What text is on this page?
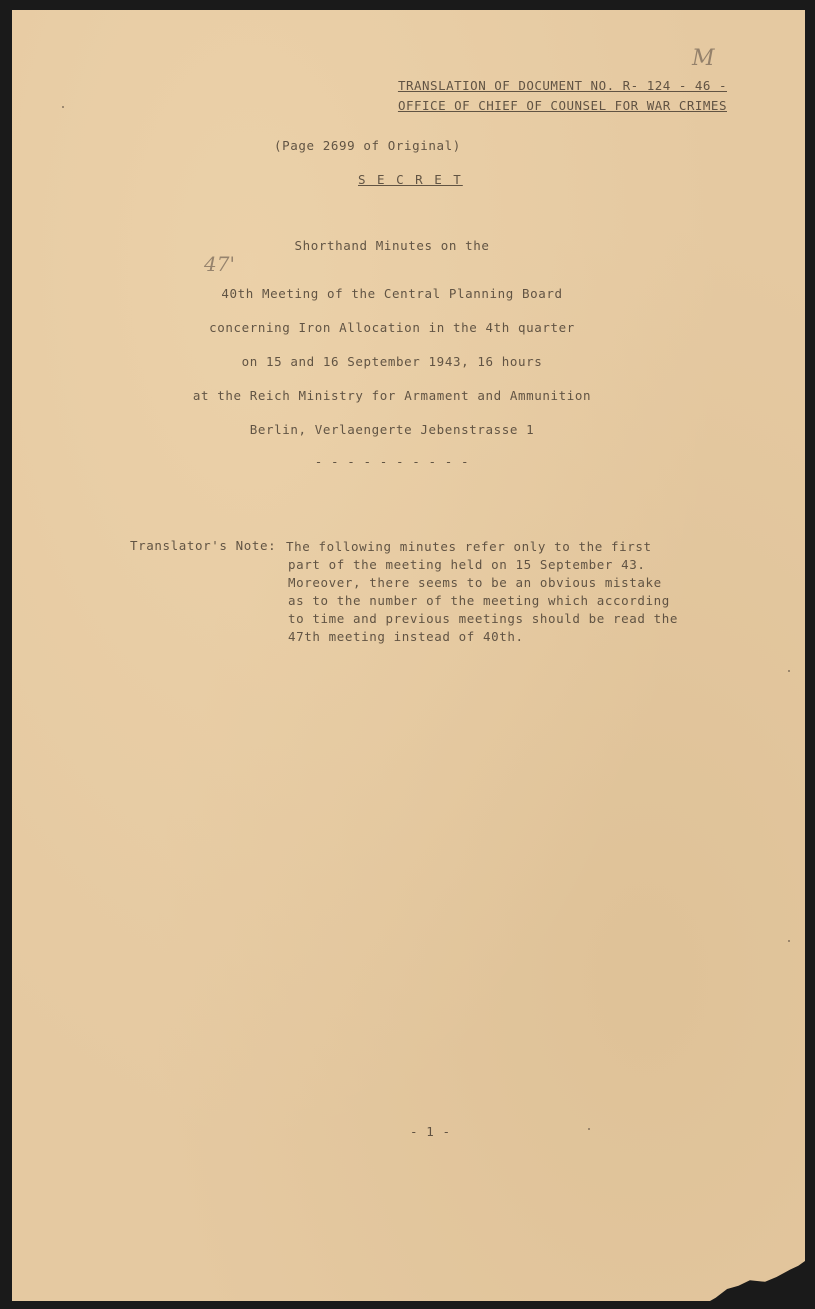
TRANSLATION OF DOCUMENT NO. R- 124 - 46 -
OFFICE OF CHIEF OF COUNSEL FOR WAR CRIMES
M
(Page 2699 of Original)
S E C R E T
47'
Shorthand Minutes on the
40th Meeting of the Central Planning Board
concerning Iron Allocation in the 4th quarter
on 15 and 16 September 1943, 16 hours
at the Reich Ministry for Armament and Ammunition
Berlin, Verlaengerte Jebenstrasse 1
- - - - - - - - - -
Translator's Note: The following minutes refer only to the first
part of the meeting held on 15 September 43.
Moreover, there seems to be an obvious mistake
as to the number of the meeting which according
to time and previous meetings should be read the
47th meeting instead of 40th.
- 1 -
